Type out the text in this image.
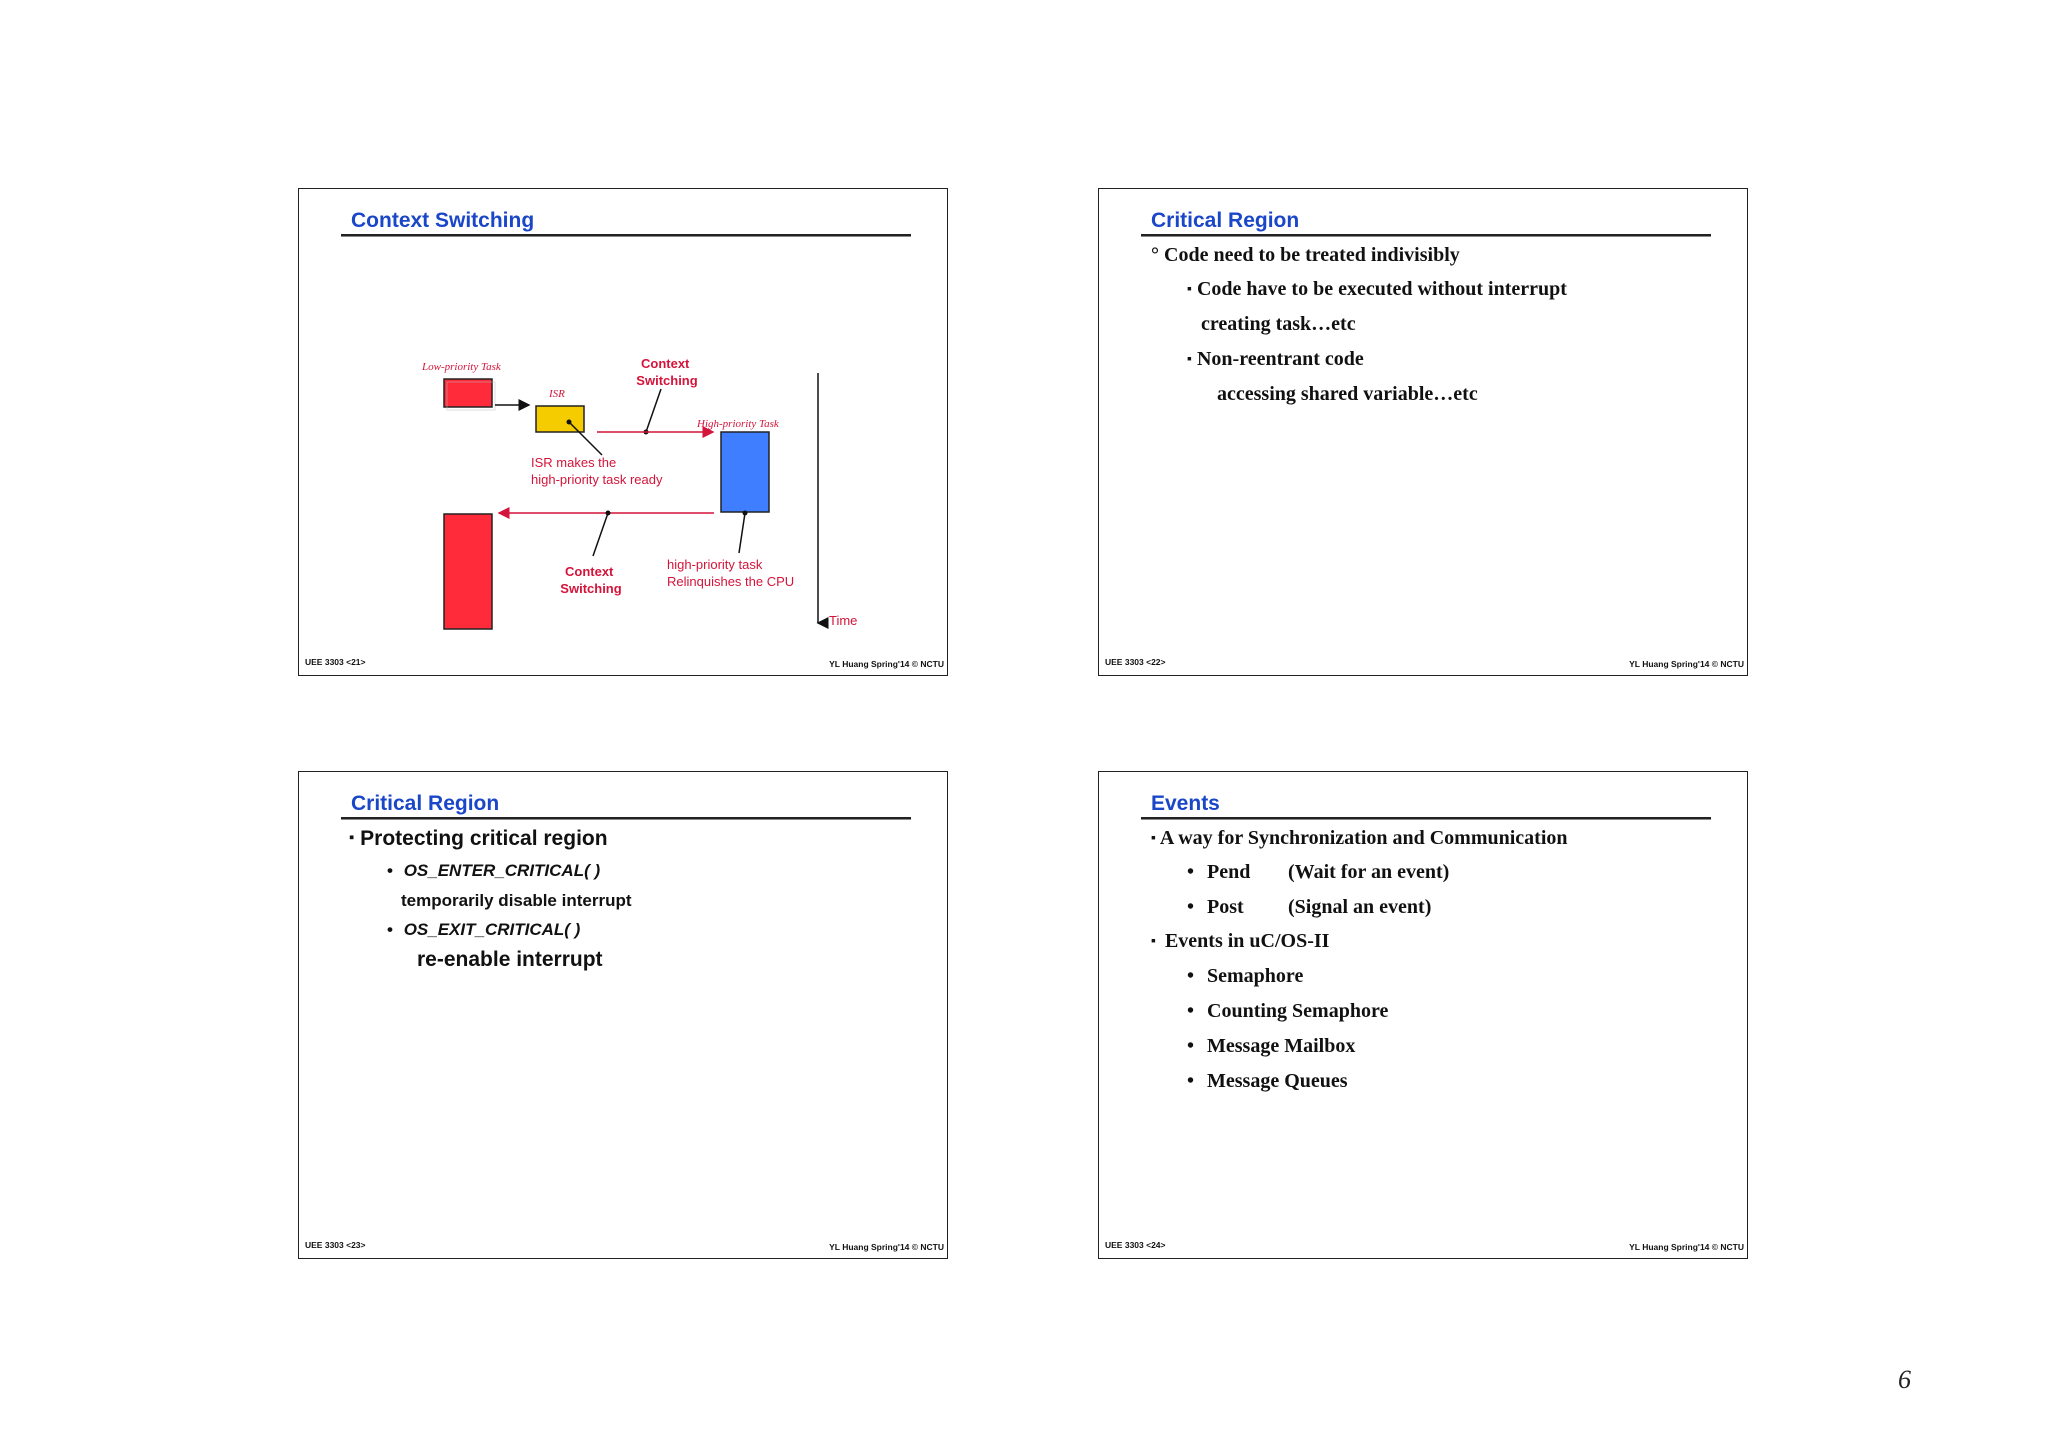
Context Switching
Low-priority Task
ISR
Context Switching
High-priority Task
ISR makes the high-priority task ready
Context Switching
high-priority task Relinquishes the CPU
Time
UEE 3303 <21>	YL Huang Spring'14 © NCTU
Critical Region
° Code need to be treated indivisibly
▪ Code have to be executed without interrupt
creating task…etc
▪ Non-reentrant code
accessing shared variable…etc
UEE 3303 <22>	YL Huang Spring'14 © NCTU
Critical Region
▪ Protecting critical region
• OS_ENTER_CRITICAL( )
temporarily disable interrupt
• OS_EXIT_CRITICAL( )
re-enable interrupt
UEE 3303 <23>	YL Huang Spring'14 © NCTU
Events
▪ A way for Synchronization and Communication
• Pend (Wait for an event)
• Post (Signal an event)
▪ Events in uC/OS-II
• Semaphore
• Counting Semaphore
• Message Mailbox
• Message Queues
UEE 3303 <24>	YL Huang Spring'14 © NCTU
6
